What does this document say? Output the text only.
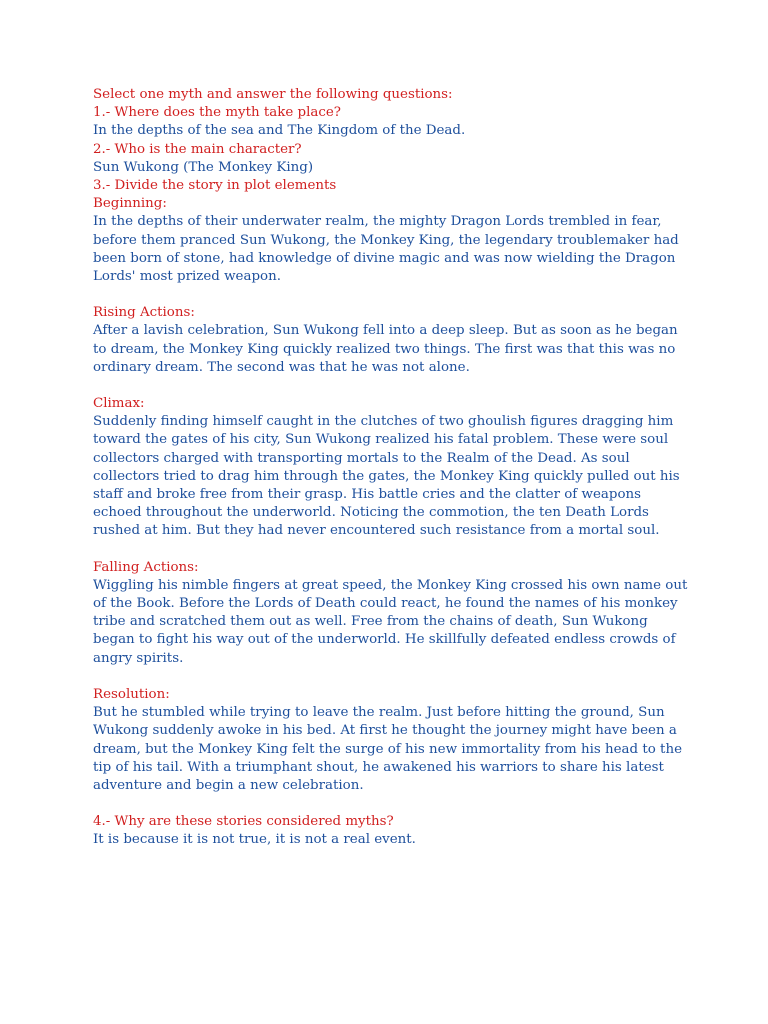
Select one myth and answer the following questions:

1.- Where does the myth take place?

In the depths of the sea and The Kingdom of the Dead.

2.- Who is the main character?

Sun Wukong (The Monkey King)

3.- Divide the story in plot elements

Beginning:

In the depths of their underwater realm, the mighty Dragon Lords trembled in fear, before them pranced Sun Wukong, the Monkey King, the legendary troublemaker had been born of stone, had knowledge of divine magic and was now wielding the Dragon Lords' most prized weapon.

Rising Actions:

After a lavish celebration, Sun Wukong fell into a deep sleep. But as soon as he began to dream, the Monkey King quickly realized two things. The first was that this was no ordinary dream. The second was that he was not alone.

Climax:

Suddenly finding himself caught in the clutches of two ghoulish figures dragging him toward the gates of his city, Sun Wukong realized his fatal problem. These were soul collectors charged with transporting mortals to the Realm of the Dead. As soul collectors tried to drag him through the gates, the Monkey King quickly pulled out his staff and broke free from their grasp. His battle cries and the clatter of weapons echoed throughout the underworld. Noticing the commotion, the ten Death Lords rushed at him. But they had never encountered such resistance from a mortal soul.

Falling Actions:

Wiggling his nimble fingers at great speed, the Monkey King crossed his own name out of the Book. Before the Lords of Death could react, he found the names of his monkey tribe and scratched them out as well. Free from the chains of death, Sun Wukong began to fight his way out of the underworld. He skillfully defeated endless crowds of angry spirits.

Resolution:

But he stumbled while trying to leave the realm. Just before hitting the ground, Sun Wukong suddenly awoke in his bed. At first he thought the journey might have been a dream, but the Monkey King felt the surge of his new immortality from his head to the tip of his tail. With a triumphant shout, he awakened his warriors to share his latest adventure and begin a new celebration.

4.- Why are these stories considered myths?

It is because it is not true, it is not a real event.
